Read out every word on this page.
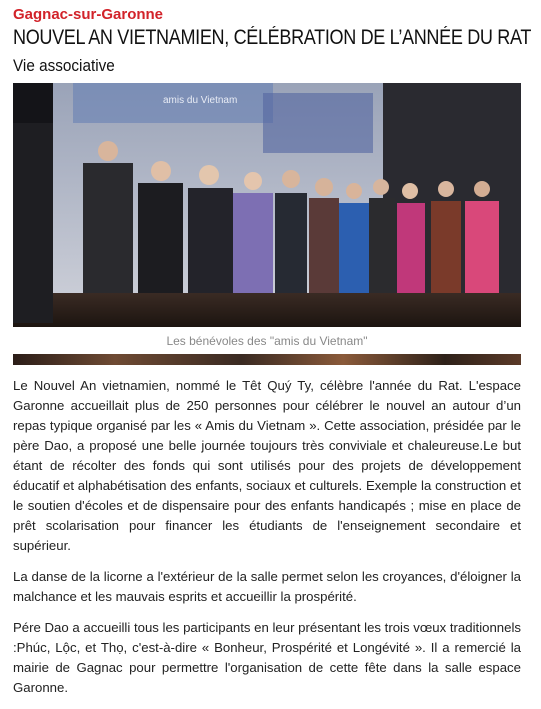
Gagnac-sur-Garonne
NOUVEL AN VIETNAMIEN, CÉLÉBRATION DE L’ANNÉE DU RAT
Vie associative
amis du Vietnam
Les bénévoles des "amis du Vietnam"

Le Nouvel An vietnamien, nommé le Têt Quý Ty, célèbre l'année du Rat. L'espace Garonne accueillait plus de 250 personnes pour célébrer le nouvel an autour d’un repas typique organisé par les « Amis du Vietnam ». Cette association, présidée par le père Dao, a proposé une belle journée toujours très conviviale et chaleureuse.Le but étant de récolter des fonds qui sont utilisés pour des projets de développement éducatif et alphabétisation des enfants, sociaux et culturels. Exemple la construction et le soutien d'écoles et de dispensaire pour des enfants handicapés ; mise en place de prêt scolarisation pour financer les étudiants de l'enseignement secondaire et supérieur.

La danse de la licorne a l'extérieur de la salle permet selon les croyances, d'éloigner la malchance et les mauvais esprits et accueillir la prospérité.

Pére Dao a accueilli tous les participants en leur présentant les trois vœux traditionnels :Phúc, Lộc, et Thọ, c'est-à-dire « Bonheur, Prospérité et Longévité ». Il a remercié la mairie de Gagnac pour permettre l'organisation de cette fête dans la salle espace Garonne.
